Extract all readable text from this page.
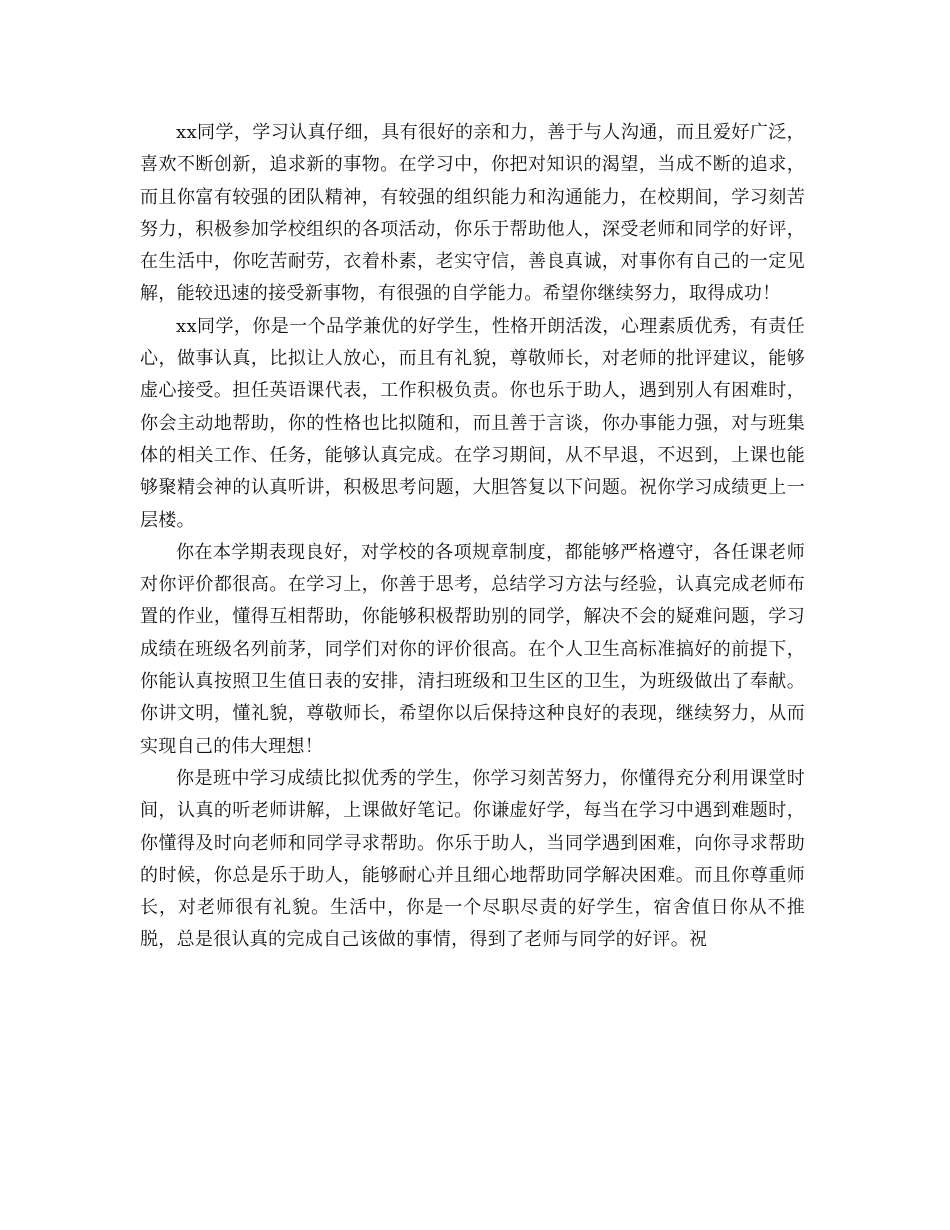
xx同学，学习认真仔细，具有很好的亲和力，善于与人沟通，而且爱好广泛，喜欢不断创新，追求新的事物。在学习中，你把对知识的渴望，当成不断的追求，而且你富有较强的团队精神，有较强的组织能力和沟通能力，在校期间，学习刻苦努力，积极参加学校组织的各项活动，你乐于帮助他人，深受老师和同学的好评，在生活中，你吃苦耐劳，衣着朴素，老实守信，善良真诚，对事你有自己的一定见解，能较迅速的接受新事物，有很强的自学能力。希望你继续努力，取得成功！

xx同学，你是一个品学兼优的好学生，性格开朗活泼，心理素质优秀，有责任心，做事认真，比拟让人放心，而且有礼貌，尊敬师长，对老师的批评建议，能够虚心接受。担任英语课代表，工作积极负责。你也乐于助人，遇到别人有困难时，你会主动地帮助，你的性格也比拟随和，而且善于言谈，你办事能力强，对与班集体的相关工作、任务，能够认真完成。在学习期间，从不早退，不迟到，上课也能够聚精会神的认真听讲，积极思考问题，大胆答复以下问题。祝你学习成绩更上一层楼。

你在本学期表现良好，对学校的各项规章制度，都能够严格遵守，各任课老师对你评价都很高。在学习上，你善于思考，总结学习方法与经验，认真完成老师布置的作业，懂得互相帮助，你能够积极帮助别的同学，解决不会的疑难问题，学习成绩在班级名列前茅，同学们对你的评价很高。在个人卫生高标准搞好的前提下，你能认真按照卫生值日表的安排，清扫班级和卫生区的卫生，为班级做出了奉献。你讲文明，懂礼貌，尊敬师长，希望你以后保持这种良好的表现，继续努力，从而实现自己的伟大理想！

你是班中学习成绩比拟优秀的学生，你学习刻苦努力，你懂得充分利用课堂时间，认真的听老师讲解，上课做好笔记。你谦虚好学，每当在学习中遇到难题时，你懂得及时向老师和同学寻求帮助。你乐于助人，当同学遇到困难，向你寻求帮助的时候，你总是乐于助人，能够耐心并且细心地帮助同学解决困难。而且你尊重师长，对老师很有礼貌。生活中，你是一个尽职尽责的好学生，宿舍值日你从不推脱，总是很认真的完成自己该做的事情，得到了老师与同学的好评。祝
